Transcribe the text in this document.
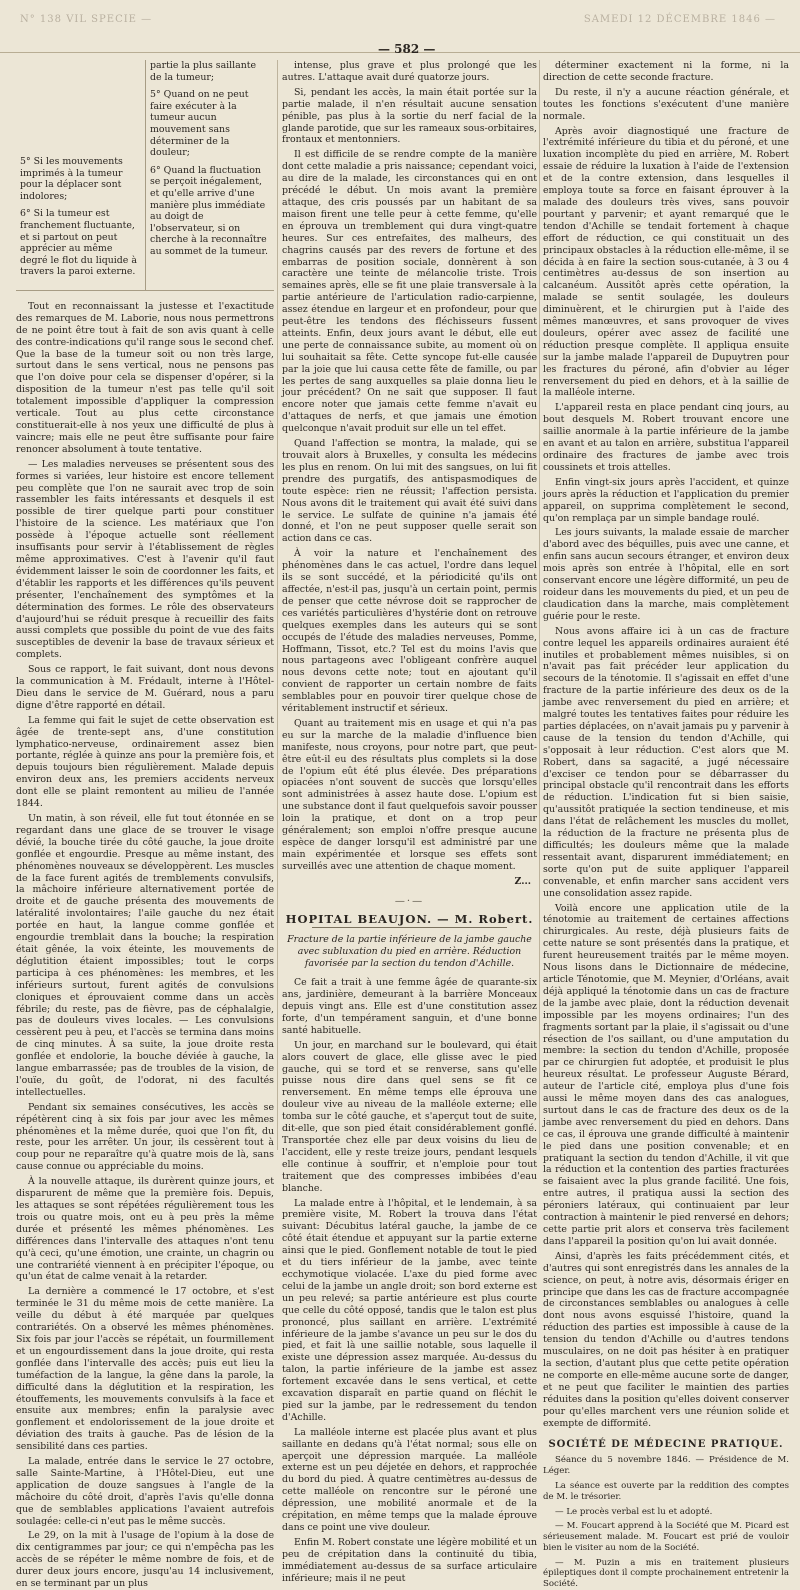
N° 138 VIL SPECIE —
— 582 —
SAMEDI 12 DÉCEMBRE 1846 —

5° Si les mouvements imprimés à la tumeur pour la déplacer sont indolores;

6° Si la tumeur est franchement fluctuante, et si partout on peut apprécier au même degré le flot du liquide à travers la paroi externe.

partie la plus saillante de la tumeur;

5° Quand on ne peut faire exécuter à la tumeur aucun mouvement sans déterminer de la douleur;

6° Quand la fluctuation se perçoit inégalement, et qu'elle arrive d'une manière plus immédiate au doigt de l'observateur, si on cherche à la reconnaître au sommet de la tumeur.

Tout en reconnaissant la justesse et l'exactitude des remarques de M. Laborie, nous nous permettrons de ne point être tout à fait de son avis quant à celle des contre-indications qu'il range sous le second chef. Que la base de la tumeur soit ou non très large, surtout dans le sens vertical, nous ne pensons pas que l'on doive pour cela se dispenser d'opérer, si la disposition de la tumeur n'est pas telle qu'il soit totalement impossible d'appliquer la compression verticale. Tout au plus cette circonstance constituerait-elle à nos yeux une difficulté de plus à vaincre; mais elle ne peut être suffisante pour faire renoncer absolument à toute tentative.

— Les maladies nerveuses se présentent sous des formes si variées, leur histoire est encore tellement peu complète que l'on ne saurait avec trop de soin rassembler les faits intéressants et desquels il est possible de tirer quelque parti pour constituer l'histoire de la science. Les matériaux que l'on possède à l'époque actuelle sont réellement insuffisants pour servir à l'établissement de règles même approximatives. C'est à l'avenir qu'il faut évidemment laisser le soin de coordonner les faits, et d'établir les rapports et les différences qu'ils peuvent présenter, l'enchaînement des symptômes et la détermination des formes. Le rôle des observateurs d'aujourd'hui se réduit presque à recueillir des faits aussi complets que possible du point de vue des faits susceptibles de devenir la base de travaux sérieux et complets.

Sous ce rapport, le fait suivant, dont nous devons la communication à M. Frédault, interne à l'Hôtel-Dieu dans le service de M. Guérard, nous a paru digne d'être rapporté en détail.

La femme qui fait le sujet de cette observation est âgée de trente-sept ans, d'une constitution lymphatico-nerveuse, ordinairement assez bien portante, réglée à quinze ans pour la première fois, et depuis toujours bien régulièrement. Malade depuis environ deux ans, les premiers accidents nerveux dont elle se plaint remontent au milieu de l'année 1844.

Un matin, à son réveil, elle fut tout étonnée en se regardant dans une glace de se trouver le visage dévié, la bouche tirée du côté gauche, la joue droite gonflée et engourdie. Presque au même instant, des phénomènes nouveaux se développèrent. Les muscles de la face furent agités de tremblements convulsifs, la mâchoire inférieure alternativement portée de droite et de gauche présenta des mouvements de latéralité involontaires; l'aile gauche du nez était portée en haut, la langue comme gonflée et engourdie tremblait dans la bouche; la respiration était gênée, la voix éteinte, les mouvements de déglutition étaient impossibles; tout le corps participa à ces phénomènes: les membres, et les inférieurs surtout, furent agités de convulsions cloniques et éprouvaient comme dans un accès fébrile; du reste, pas de fièvre, pas de céphalalgie, pas de douleurs vives locales. — Les convulsions cessèrent peu à peu, et l'accès se termina dans moins de cinq minutes. À sa suite, la joue droite resta gonflée et endolorie, la bouche déviée à gauche, la langue embarrassée; pas de troubles de la vision, de l'ouïe, du goût, de l'odorat, ni des facultés intellectuelles.

Pendant six semaines consécutives, les accès se répétèrent cinq à six fois par jour avec les mêmes phénomènes et la même durée, quoi que l'on fît, du reste, pour les arrêter. Un jour, ils cessèrent tout à coup pour ne reparaître qu'à quatre mois de là, sans cause connue ou appréciable du moins.

À la nouvelle attaque, ils durèrent quinze jours, et disparurent de même que la première fois. Depuis, les attaques se sont répétées régulièrement tous les trois ou quatre mois, ont eu à peu près la même durée et présenté les mêmes phénomènes. Les différences dans l'intervalle des attaques n'ont tenu qu'à ceci, qu'une émotion, une crainte, un chagrin ou une contrariété viennent à en précipiter l'époque, ou qu'un état de calme venait à la retarder.

La dernière a commencé le 17 octobre, et s'est terminée le 31 du même mois de cette manière. La veille du début à été marquée par quelques contrariétés. On a observé les mêmes phénomènes. Six fois par jour l'accès se répétait, un fourmillement et un engourdissement dans la joue droite, qui resta gonflée dans l'intervalle des accès; puis eut lieu la tuméfaction de la langue, la gêne dans la parole, la difficulté dans la déglutition et la respiration, les étouffements, les mouvements convulsifs à la face et ensuite aux membres; enfin la paralysie avec gonflement et endolorissement de la joue droite et déviation des traits à gauche. Pas de lésion de la sensibilité dans ces parties.

La malade, entrée dans le service le 27 octobre, salle Sainte-Martine, à l'Hôtel-Dieu, eut une application de douze sangsues à l'angle de la mâchoire du côté droit, d'après l'avis qu'elle donna que de semblables applications l'avaient autrefois soulagée: celle-ci n'eut pas le même succès.

Le 29, on la mit à l'usage de l'opium à la dose de dix centigrammes par jour; ce qui n'empêcha pas les accès de se répéter le même nombre de fois, et de durer deux jours encore, jusqu'au 14 inclusivement, en se terminant par un plus

intense, plus grave et plus prolongé que les autres. L'attaque avait duré quatorze jours.

Si, pendant les accès, la main était portée sur la partie malade, il n'en résultait aucune sensation pénible, pas plus à la sortie du nerf facial de la glande parotide, que sur les rameaux sous-orbitaires, frontaux et mentonniers.

Il est difficile de se rendre compte de la manière dont cette maladie a pris naissance; cependant voici, au dire de la malade, les circonstances qui en ont précédé le début. Un mois avant la première attaque, des cris poussés par un habitant de sa maison firent une telle peur à cette femme, qu'elle en éprouva un tremblement qui dura vingt-quatre heures. Sur ces entrefaites, des malheurs, des chagrins causés par des revers de fortune et des embarras de position sociale, donnèrent à son caractère une teinte de mélancolie triste. Trois semaines après, elle se fit une plaie transversale à la partie antérieure de l'articulation radio-carpienne, assez étendue en largeur et en profondeur, pour que peut-être les tendons des fléchisseurs fussent atteints. Enfin, deux jours avant le début, elle eut une perte de connaissance subite, au moment où on lui souhaitait sa fête. Cette syncope fut-elle causée par la joie que lui causa cette fête de famille, ou par les pertes de sang auxquelles sa plaie donna lieu le jour précédent? On ne sait que supposer. Il faut encore noter que jamais cette femme n'avait eu d'attaques de nerfs, et que jamais une émotion quelconque n'avait produit sur elle un tel effet.

Quand l'affection se montra, la malade, qui se trouvait alors à Bruxelles, y consulta les médecins les plus en renom. On lui mit des sangsues, on lui fit prendre des purgatifs, des antispasmodiques de toute espèce: rien ne réussit; l'affection persista. Nous avons dit le traitement qui avait été suivi dans le service. Le sulfate de quinine n'a jamais été donné, et l'on ne peut supposer quelle serait son action dans ce cas.

À voir la nature et l'enchaînement des phénomènes dans le cas actuel, l'ordre dans lequel ils se sont succédé, et la périodicité qu'ils ont affectée, n'est-il pas, jusqu'à un certain point, permis de penser que cette névrose doit se rapprocher de ces variétés particulières d'hystérie dont on retrouve quelques exemples dans les auteurs qui se sont occupés de l'étude des maladies nerveuses, Pomme, Hoffmann, Tissot, etc.? Tel est du moins l'avis que nous partageons avec l'obligeant confrère auquel nous devons cette note; tout en ajoutant qu'il convient de rapporter un certain nombre de faits semblables pour en pouvoir tirer quelque chose de véritablement instructif et sérieux.

Quant au traitement mis en usage et qui n'a pas eu sur la marche de la maladie d'influence bien manifeste, nous croyons, pour notre part, que peut-être eût-il eu des résultats plus complets si la dose de l'opium eût été plus élevée. Des préparations opiacées n'ont souvent de succès que lorsqu'elles sont administrées à assez haute dose. L'opium est une substance dont il faut quelquefois savoir pousser loin la pratique, et dont on a trop peur généralement; son emploi n'offre presque aucune espèce de danger lorsqu'il est administré par une main expérimentée et lorsque ses effets sont surveillés avec une attention de chaque moment.

Z...
—·—
HOPITAL BEAUJON. — M. Robert.
Fracture de la partie inférieure de la jambe gauche avec subluxation du pied en arrière. Réduction favorisée par la section du tendon d'Achille.

Ce fait a trait à une femme âgée de quarante-six ans, jardinière, demeurant à la barrière Monceaux depuis vingt ans. Elle est d'une constitution assez forte, d'un tempérament sanguin, et d'une bonne santé habituelle.

Un jour, en marchand sur le boulevard, qui était alors couvert de glace, elle glisse avec le pied gauche, qui se tord et se renverse, sans qu'elle puisse nous dire dans quel sens se fit ce renversement. En même temps elle éprouva une douleur vive au niveau de la malléole externe; elle tomba sur le côté gauche, et s'aperçut tout de suite, dit-elle, que son pied était considérablement gonflé. Transportée chez elle par deux voisins du lieu de l'accident, elle y reste treize jours, pendant lesquels elle continue à souffrir, et n'emploie pour tout traitement que des compresses imbibées d'eau blanche.

La malade entre à l'hôpital, et le lendemain, à sa première visite, M. Robert la trouva dans l'état suivant: Décubitus latéral gauche, la jambe de ce côté était étendue et appuyant sur la partie externe ainsi que le pied. Gonflement notable de tout le pied et du tiers inférieur de la jambe, avec teinte ecchymotique violacée. L'axe du pied forme avec celui de la jambe un angle droit; son bord externe est un peu relevé; sa partie antérieure est plus courte que celle du côté opposé, tandis que le talon est plus prononcé, plus saillant en arrière. L'extrémité inférieure de la jambe s'avance un peu sur le dos du pied, et fait là une saillie notable, sous laquelle il existe une dépression assez marquée. Au-dessus du talon, la partie inférieure de la jambe est assez fortement excavée dans le sens vertical, et cette excavation disparaît en partie quand on fléchit le pied sur la jambe, par le redressement du tendon d'Achille.

La malléole interne est placée plus avant et plus saillante en dedans qu'à l'état normal; sous elle on aperçoit une dépression marquée. La malléole externe est un peu déjetée en dehors, et rapprochée du bord du pied. À quatre centimètres au-dessus de cette malléole on rencontre sur le péroné une dépression, une mobilité anormale et de la crépitation, en même temps que la malade éprouve dans ce point une vive douleur.

Enfin M. Robert constate une légère mobilité et un peu de crépitation dans la continuité du tibia, immédiatement au-dessus de sa surface articulaire inférieure; mais il ne peut

déterminer exactement ni la forme, ni la direction de cette seconde fracture.

Du reste, il n'y a aucune réaction générale, et toutes les fonctions s'exécutent d'une manière normale.

Après avoir diagnostiqué une fracture de l'extrémité inférieure du tibia et du péroné, et une luxation incomplète du pied en arrière, M. Robert essaie de réduire la luxation à l'aide de l'extension et de la contre extension, dans lesquelles il employa toute sa force en faisant éprouver à la malade des douleurs très vives, sans pouvoir pourtant y parvenir; et ayant remarqué que le tendon d'Achille se tendait fortement à chaque effort de réduction, ce qui constituait un des principaux obstacles à la réduction elle-même, il se décida à en faire la section sous-cutanée, à 3 ou 4 centimètres au-dessus de son insertion au calcanéum. Aussitôt après cette opération, la malade se sentit soulagée, les douleurs diminuèrent, et le chirurgien put à l'aide des mêmes manœuvres, et sans provoquer de vives douleurs, opérer avec assez de facilité une réduction presque complète. Il appliqua ensuite sur la jambe malade l'appareil de Dupuytren pour les fractures du péroné, afin d'obvier au léger renversement du pied en dehors, et à la saillie de la malléole interne.

L'appareil resta en place pendant cinq jours, au bout desquels M. Robert trouvant encore une saillie anormale à la partie inférieure de la jambe en avant et au talon en arrière, substitua l'appareil ordinaire des fractures de jambe avec trois coussinets et trois attelles.

Enfin vingt-six jours après l'accident, et quinze jours après la réduction et l'application du premier appareil, on supprima complètement le second, qu'on remplaça par un simple bandage roulé.

Les jours suivants, la malade essaie de marcher d'abord avec des béquilles, puis avec une canne, et enfin sans aucun secours étranger, et environ deux mois après son entrée à l'hôpital, elle en sort conservant encore une légère difformité, un peu de roideur dans les mouvements du pied, et un peu de claudication dans la marche, mais complètement guérie pour le reste.

Nous avons affaire ici à un cas de fracture contre lequel les appareils ordinaires auraient été inutiles et probablement mêmes nuisibles, si on n'avait pas fait précéder leur application du secours de la ténotomie. Il s'agissait en effet d'une fracture de la partie inférieure des deux os de la jambe avec renversement du pied en arrière; et malgré toutes les tentatives faites pour réduire les parties déplacées, on n'avait jamais pu y parvenir à cause de la tension du tendon d'Achille, qui s'opposait à leur réduction. C'est alors que M. Robert, dans sa sagacité, a jugé nécessaire d'exciser ce tendon pour se débarrasser du principal obstacle qu'il rencontrait dans les efforts de réduction. L'indication fut si bien saisie, qu'aussitôt pratiquée la section tendineuse, et mis dans l'état de relâchement les muscles du mollet, la réduction de la fracture ne présenta plus de difficultés; les douleurs même que la malade ressentait avant, disparurent immédiatement; en sorte qu'on put de suite appliquer l'appareil convenable, et enfin marcher sans accident vers une consolidation assez rapide.

Voilà encore une application utile de la ténotomie au traitement de certaines affections chirurgicales. Au reste, déjà plusieurs faits de cette nature se sont présentés dans la pratique, et furent heureusement traités par le même moyen. Nous lisons dans le Dictionnaire de médecine, article Ténotomie, que M. Meynier, d'Orléans, avait déjà appliqué la ténotomie dans un cas de fracture de la jambe avec plaie, dont la réduction devenait impossible par les moyens ordinaires; l'un des fragments sortant par la plaie, il s'agissait ou d'une résection de l'os saillant, ou d'une amputation du membre: la section du tendon d'Achille, proposée par ce chirurgien fut adoptée, et produisit le plus heureux résultat. Le professeur Auguste Bérard, auteur de l'article cité, employa plus d'une fois aussi le même moyen dans des cas analogues, surtout dans le cas de fracture des deux os de la jambe avec renversement du pied en dehors. Dans ce cas, il éprouva une grande difficulté à maintenir le pied dans une position convenable; et en pratiquant la section du tendon d'Achille, il vit que la réduction et la contention des parties fracturées se faisaient avec la plus grande facilité. Une fois, entre autres, il pratiqua aussi la section des péroniers latéraux, qui continuaient par leur contraction à maintenir le pied renversé en dehors; cette partie prit alors et conserva très facilement dans l'appareil la position qu'on lui avait donnée.

Ainsi, d'après les faits précédemment cités, et d'autres qui sont enregistrés dans les annales de la science, on peut, à notre avis, désormais ériger en principe que dans les cas de fracture accompagnée de circonstances semblables ou analogues à celle dont nous avons esquissé l'histoire, quand la réduction des parties est impossible à cause de la tension du tendon d'Achille ou d'autres tendons musculaires, on ne doit pas hésiter à en pratiquer la section, d'autant plus que cette petite opération ne comporte en elle-même aucune sorte de danger, et ne peut que faciliter le maintien des parties réduites dans la position qu'elles doivent conserver pour qu'elles marchent vers une réunion solide et exempte de difformité.

SOCIÉTÉ DE MÉDECINE PRATIQUE.

Séance du 5 novembre 1846. — Présidence de M. Léger.

La séance est ouverte par la reddition des comptes de M. le trésorier.

— Le procès verbal est lu et adopté.

— M. Foucart apprend à la Société que M. Picard est sérieusement malade. M. Foucart est prié de vouloir bien le visiter au nom de la Société.

— M. Puzin a mis en traitement plusieurs épileptiques dont il compte prochainement entretenir la Société.
